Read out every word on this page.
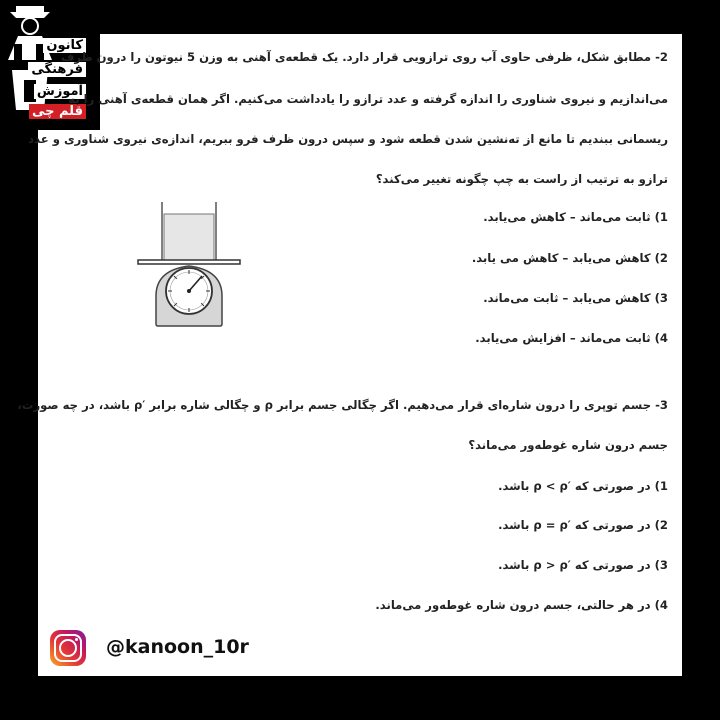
کانون
فرهنگی
آموزش
قلم چی
2- مطابق شکل، ظرفی حاوی آب روی ترازویی قرار دارد. یک قطعه‌ی آهنی به وزن 5 نیوتون را درون ظرف
می‌اندازیم و نیروی شناوری را اندازه گرفته و عدد ترازو را یادداشت می‌کنیم. اگر همان قطعه‌ی آهنی را به
ریسمانی ببندیم تا مانع از ته‌نشین شدن قطعه شود و سپس درون ظرف فرو ببریم، اندازه‌ی نیروی شناوری و عدد
ترازو به ترتیب از راست به چپ چگونه تغییر می‌کند؟
1) ثابت می‌ماند – کاهش می‌یابد.
2) کاهش می‌یابد – کاهش می یابد.
3) کاهش می‌یابد – ثابت می‌ماند.
4) ثابت می‌ماند – افزایش می‌یابد.
3- جسم توپری را درون شاره‌ای قرار می‌دهیم. اگر چگالی جسم برابر ρ و چگالی شاره برابر ′ρ باشد، در چه صورت،
جسم درون شاره غوطه‌ور می‌ماند؟
1) در صورتی که ′ρ < ρ باشد.
2) در صورتی که ′ρ = ρ باشد.
3) در صورتی که ′ρ > ρ باشد.
4) در هر حالتی، جسم درون شاره غوطه‌ور می‌ماند.
@kanoon_10r
